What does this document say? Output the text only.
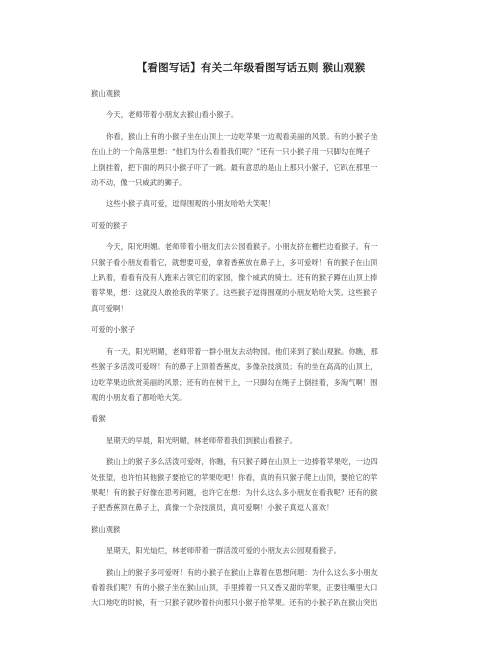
【看图写话】有关二年级看图写话五则 猴山观猴

猴山观猴

今天，老师带着小朋友去猴山看小猴子。

你看，猴山上有的小猴子坐在山顶上一边吃苹果一边观看美丽的风景。有的小猴子坐

在山上的一个角落里想：“他们为什么看着我们呢？”还有一只小猴子用一只脚勾在绳子

上倒挂着，把下面的两只小猴子吓了一跳。最有意思的是山上那只小猴子，它趴在那里一

动不动，像一只威武的狮子。

这些小猴子真可爱，逗得围观的小朋友哈哈大笑呢！

可爱的猴子

今天，阳光明媚。老师带着小朋友们去公园看猴子。小朋友挤在栅栏边看猴子。有一

只猴子看小朋友看着它，就想要可爱，拿着香蕉放在鼻子上，多可爱呀！有的猴子在山顶

上趴着，看看有没有人跑来占领它们的家园，像个威武的骑士。还有的猴子蹲在山顶上捧

着苹果，想：这就没人敢抢我的苹果了。这些猴子逗得围观的小朋友哈哈大笑。这些猴子

真可爱啊！

可爱的小猴子

有一天，阳光明媚，老师带着一群小朋友去动物园。他们来到了猴山观猴。你瞧，那

些猴子多活泼可爱呀！有的鼻子上顶着香蕉皮，多像杂技演员；有的坐在高高的山顶上，

边吃苹果边欣赏美丽的风景；还有的在树干上，一只脚勾在绳子上倒挂着，多淘气啊！围

观的小朋友看了都哈哈大笑。

看猴

星期天的早晨，阳光明媚，林老师带着我们到猴山看猴子。

猴山上的猴子多么活泼可爱呀，你瞧，有只猴子蹲在山顶上一边捧着苹果吃，一边四

处张望，也许怕其他猴子要抢它的苹果吃吧！你看，真的有只猴子爬上山顶，要抢它的苹

果呢！有的猴子好像在思考问题，也许它在想：为什么这么多小朋友在看我呢？还有的猴

子把香蕉顶在鼻子上，真像一个杂技演员，真可爱啊！小猴子真逗人喜欢！

猴山观猴

星期天，阳光灿烂，林老师带着一群活泼可爱的小朋友去公园观看猴子。

猴山上的猴子多可爱呀！有的小猴子在猴山上靠着在思想问题：为什么这么多小朋友

看着我们呢？有的小猴子坐在猴山山顶，手里捧着一只又香又甜的苹果，正要往嘴里大口

大口地吃的时候，有一只猴子就吵着扑向那只小猴子抢苹果。还有的小猴子趴在猴山突出
